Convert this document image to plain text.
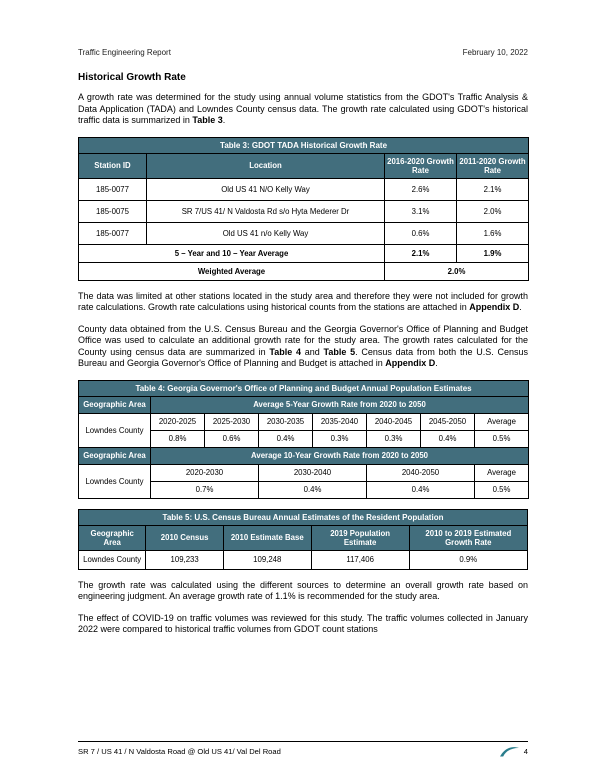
Traffic Engineering Report	February 10, 2022
Historical Growth Rate

A growth rate was determined for the study using annual volume statistics from the GDOT's Traffic Analysis & Data Application (TADA) and Lowndes County census data. The growth rate calculated using GDOT's historical traffic data is summarized in Table 3.

Table 3: GDOT TADA Historical Growth Rate			
Station ID	Location	2016-2020 Growth Rate	2011-2020 Growth Rate
185-0077	Old US 41 N/O Kelly Way	2.6%	2.1%
185-0075	SR 7/US 41/ N Valdosta Rd s/o Hyta Mederer Dr	3.1%	2.0%
185-0077	Old US 41 n/o Kelly Way	0.6%	1.6%
5 – Year and 10 – Year Average		2.1%	1.9%
Weighted Average		2.0%	

The data was limited at other stations located in the study area and therefore they were not included for growth rate calculations. Growth rate calculations using historical counts from the stations are attached in Appendix D.

County data obtained from the U.S. Census Bureau and the Georgia Governor's Office of Planning and Budget Office was used to calculate an additional growth rate for the study area. The growth rates calculated for the County using census data are summarized in Table 4 and Table 5. Census data from both the U.S. Census Bureau and Georgia Governor's Office of Planning and Budget is attached in Appendix D.

Table 4: Georgia Governor's Office of Planning and Budget Annual Population Estimates							
Geographic Area	Average 5-Year Growth Rate from 2020 to 2050						
Lowndes County	2020-2025	2025-2030	2030-2035	2035-2040	2040-2045	2045-2050	Average
	0.8%	0.6%	0.4%	0.3%	0.3%	0.4%	0.5%
Geographic Area	Average 10-Year Growth Rate from 2020 to 2050						
Lowndes County	2020-2030		2030-2040		2040-2050		Average
	0.7%		0.4%		0.4%		0.5%
Table 5: U.S. Census Bureau Annual Estimates of the Resident Population				
Geographic Area	2010 Census	2010 Estimate Base	2019 Population Estimate	2010 to 2019 Estimated Growth Rate
Lowndes County	109,233	109,248	117,406	0.9%

The growth rate was calculated using the different sources to determine an overall growth rate based on engineering judgment. An average growth rate of 1.1% is recommended for the study area.

The effect of COVID-19 on traffic volumes was reviewed for this study. The traffic volumes collected in January 2022 were compared to historical traffic volumes from GDOT count stations

SR 7 / US 41 / N Valdosta Road @ Old US 41/ Val Del Road	4
